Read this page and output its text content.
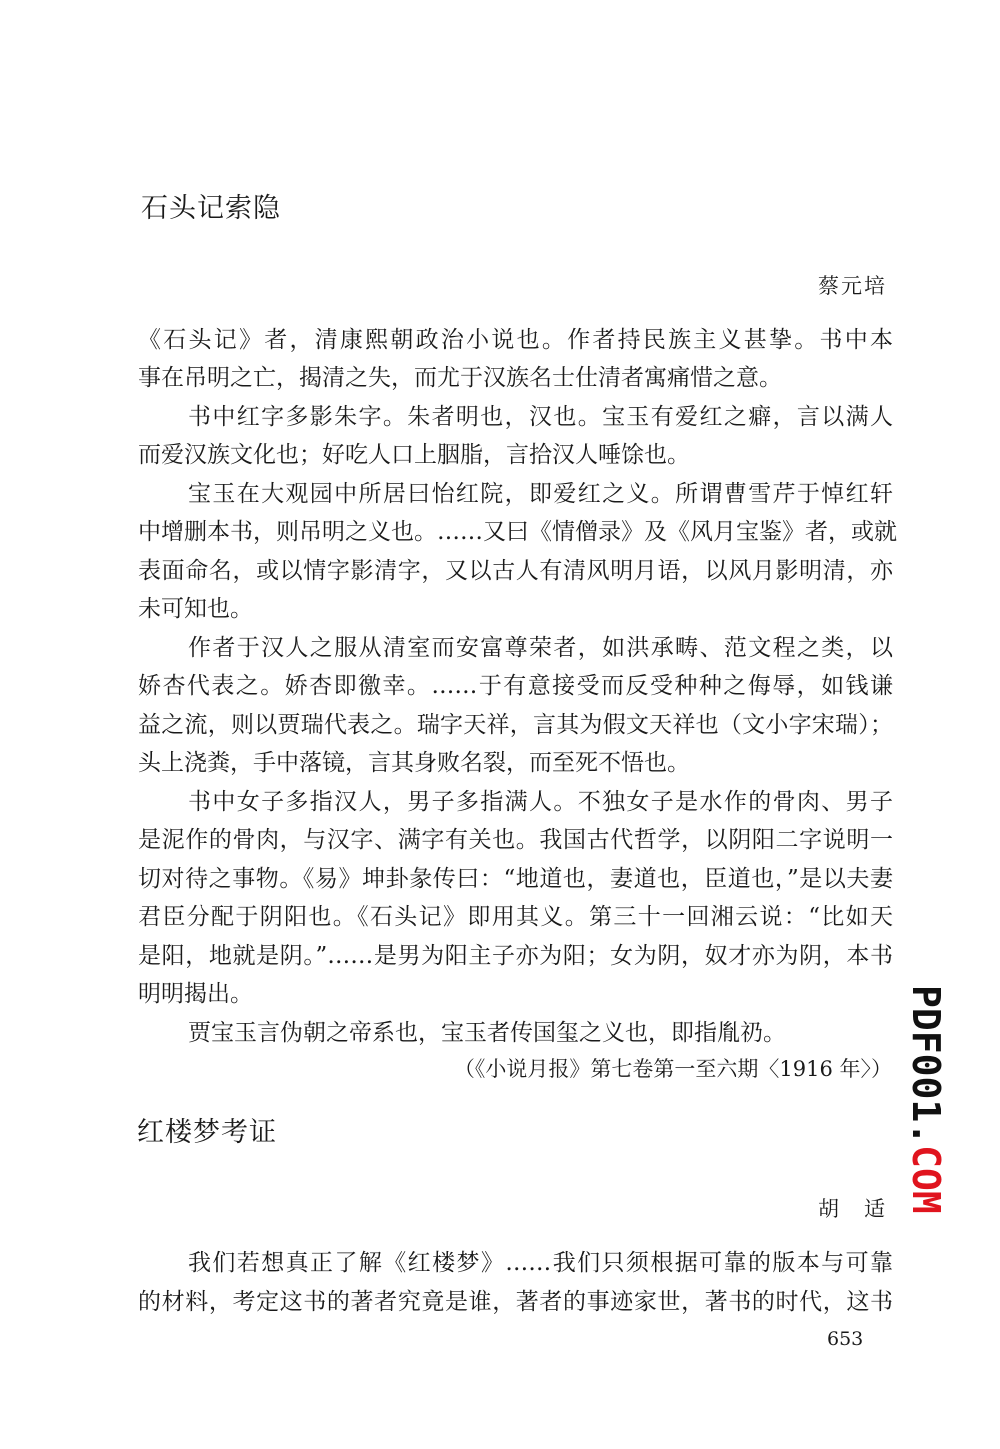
石头记索隐
蔡元培
《石头记》者，清康熙朝政治小说也。作者持民族主义甚挚。书中本
事在吊明之亡，揭清之失，而尤于汉族名士仕清者寓痛惜之意。
书中红字多影朱字。朱者明也，汉也。宝玉有爱红之癖，言以满人
而爱汉族文化也；好吃人口上胭脂，言拾汉人唾馀也。
宝玉在大观园中所居曰怡红院，即爱红之义。所谓曹雪芹于悼红轩
中增删本书，则吊明之义也。……又曰《情僧录》及《风月宝鉴》者，或就
表面命名，或以情字影清字，又以古人有清风明月语，以风月影明清，亦
未可知也。
作者于汉人之服从清室而安富尊荣者，如洪承畴、范文程之类，以
娇杏代表之。娇杏即徼幸。……于有意接受而反受种种之侮辱，如钱谦
益之流，则以贾瑞代表之。瑞字天祥，言其为假文天祥也（文小字宋瑞）；
头上浇粪，手中落镜，言其身败名裂，而至死不悟也。
书中女子多指汉人，男子多指满人。不独女子是水作的骨肉、男子
是泥作的骨肉，与汉字、满字有关也。我国古代哲学，以阴阳二字说明一
切对待之事物。《易》坤卦彖传曰：“地道也，妻道也，臣道也，”是以夫妻
君臣分配于阴阳也。《石头记》即用其义。第三十一回湘云说：“比如天
是阳，地就是阴。”……是男为阳主子亦为阳；女为阴，奴才亦为阴，本书
明明揭出。
贾宝玉言伪朝之帝系也，宝玉者传国玺之义也，即指胤礽。
（《小说月报》第七卷第一至六期〈1916 年〉）
红楼梦考证
胡　适
我们若想真正了解《红楼梦》……我们只须根据可靠的版本与可靠
的材料，考定这书的著者究竟是谁，著者的事迹家世，著书的时代，这书
653
PDF001.COM
